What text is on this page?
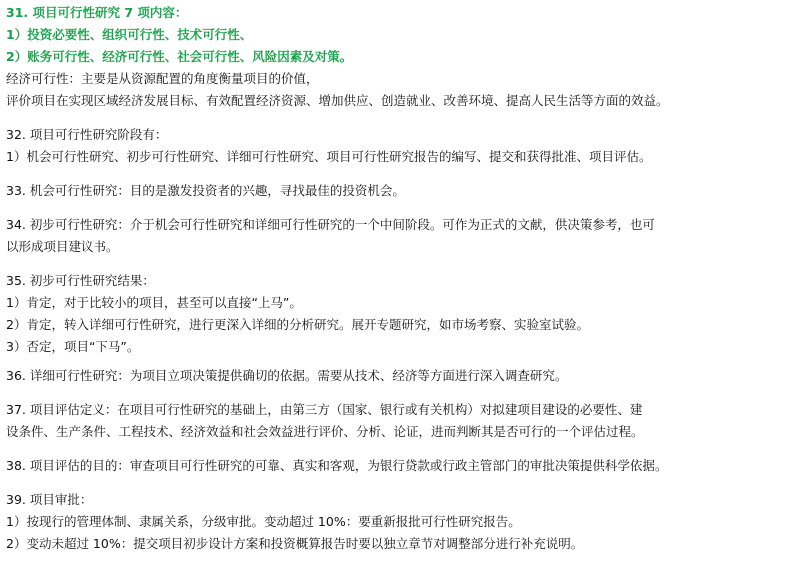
31. 项目可行性研究 7 项内容：
1）投资必要性、组织可行性、技术可行性、
2）账务可行性、经济可行性、社会可行性、风险因素及对策。
经济可行性：主要是从资源配置的角度衡量项目的价值，
评价项目在实现区域经济发展目标、有效配置经济资源、增加供应、创造就业、改善环境、提高人民生活等方面的效益。
32. 项目可行性研究阶段有：
1）机会可行性研究、初步可行性研究、详细可行性研究、项目可行性研究报告的编写、提交和获得批准、项目评估。
33. 机会可行性研究：目的是激发投资者的兴趣，寻找最佳的投资机会。
34. 初步可行性研究：介于机会可行性研究和详细可行性研究的一个中间阶段。可作为正式的文献，供决策参考，也可
以形成项目建议书。
35. 初步可行性研究结果：
1）肯定，对于比较小的项目，甚至可以直接“上马”。
2）肯定，转入详细可行性研究，进行更深入详细的分析研究。展开专题研究，如市场考察、实验室试验。
3）否定，项目“下马”。
36. 详细可行性研究：为项目立项决策提供确切的依据。需要从技术、经济等方面进行深入调查研究。
37. 项目评估定义：在项目可行性研究的基础上，由第三方（国家、银行或有关机构）对拟建项目建设的必要性、建
设条件、生产条件、工程技术、经济效益和社会效益进行评价、分析、论证，进而判断其是否可行的一个评估过程。
38. 项目评估的目的：审查项目可行性研究的可靠、真实和客观，为银行贷款或行政主管部门的审批决策提供科学依据。
39. 项目审批：
1）按现行的管理体制、隶属关系，分级审批。变动超过 10%：要重新报批可行性研究报告。
2）变动未超过 10%：提交项目初步设计方案和投资概算报告时要以独立章节对调整部分进行补充说明。
